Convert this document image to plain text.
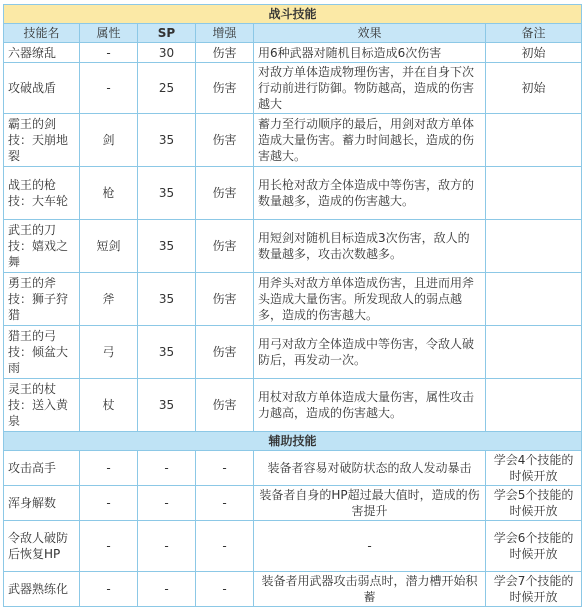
战斗技能					
技能名	属性	SP	增强	效果	备注
六器缭乱	-	30	伤害	用6种武器对随机目标造成6次伤害	初始
攻破战盾	-	25	伤害	对敌方单体造成物理伤害，并在自身下次行动前进行防御。物防越高，造成的伤害越大	初始
霸王的剑技：天崩地裂	剑	35	伤害	蓄力至行动顺序的最后，用剑对敌方单体造成大量伤害。蓄力时间越长，造成的伤害越大。	
战王的枪技：大车轮	枪	35	伤害	用长枪对敌方全体造成中等伤害，敌方的数量越多，造成的伤害越大。	
武王的刀技：嬉戏之舞	短剑	35	伤害	用短剑对随机目标造成3次伤害，敌人的数量越多，攻击次数越多。	
勇王的斧技：狮子狩猎	斧	35	伤害	用斧头对敌方单体造成伤害，且进而用斧头造成大量伤害。所发现敌人的弱点越多，造成的伤害越大。	
猎王的弓技：倾盆大雨	弓	35	伤害	用弓对敌方全体造成中等伤害，令敌人破防后，再发动一次。	
灵王的杖技：送入黄泉	杖	35	伤害	用杖对敌方单体造成大量伤害，属性攻击力越高，造成的伤害越大。	
辅助技能					
攻击高手	-	-	-	装备者容易对破防状态的敌人发动暴击	学会4个技能的时候开放
浑身解数	-	-	-	装备者自身的HP超过最大值时，造成的伤害提升	学会5个技能的时候开放
令敌人破防后恢复HP	-	-	-	-	学会6个技能的时候开放
武器熟练化	-	-	-	装备者用武器攻击弱点时，潜力槽开始积蓄	学会7个技能的时候开放
